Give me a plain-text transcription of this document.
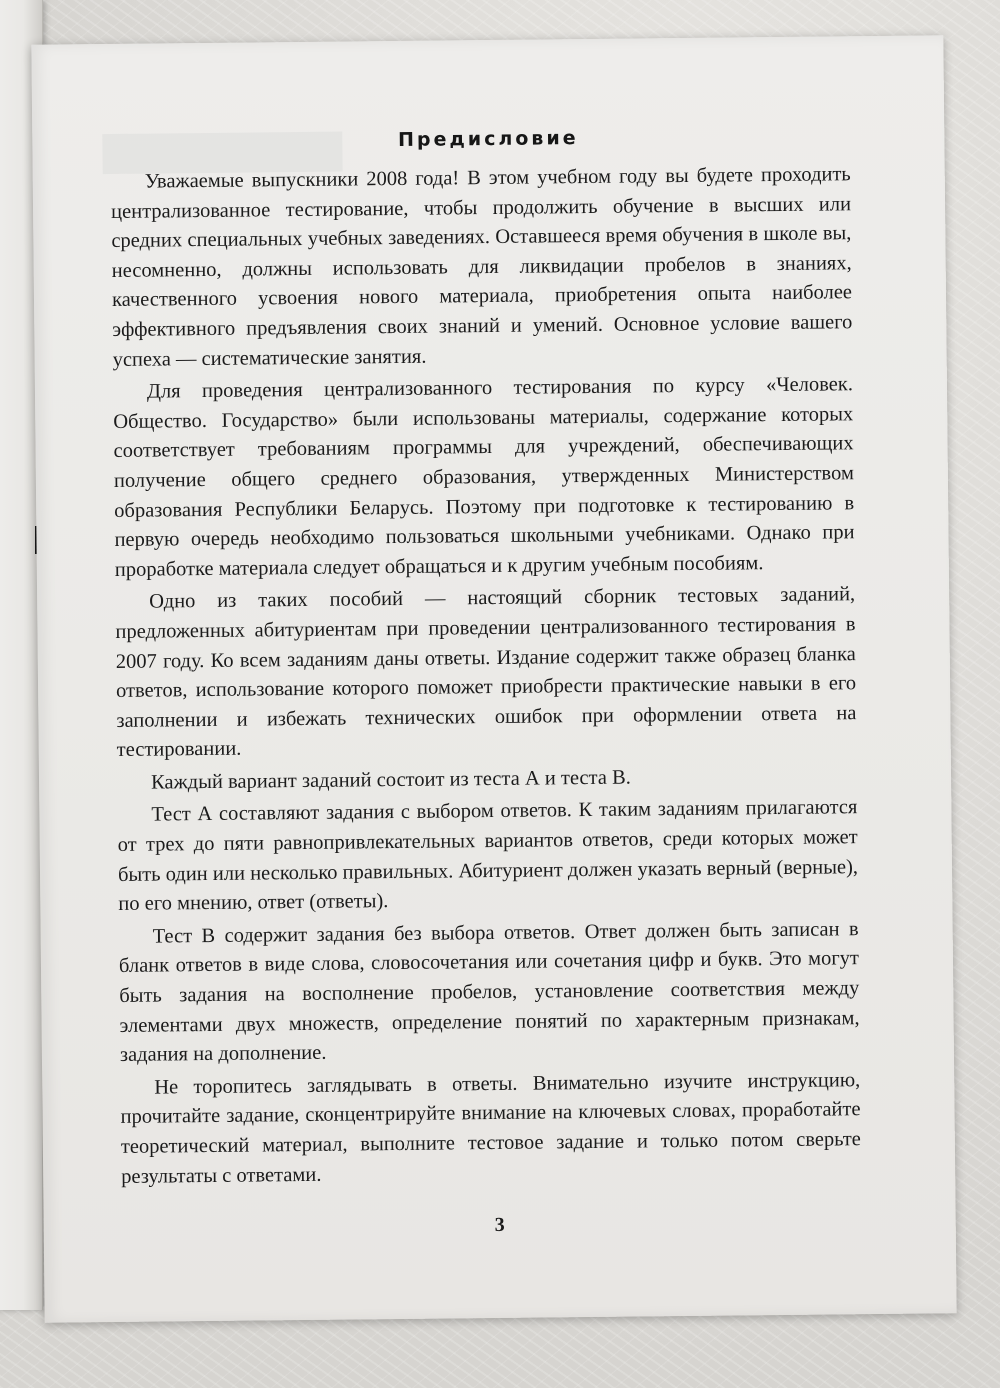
Предисловие

Уважаемые выпускники 2008 года! В этом учебном году вы будете проходить централизованное тестирование, чтобы продолжить обучение в высших или средних специальных учебных заведениях. Оставшееся время обучения в школе вы, несомненно, должны использовать для ликвидации пробелов в знаниях, качественного усвоения нового материала, приобретения опыта наиболее эффективного предъявления своих знаний и умений. Основное условие вашего успеха — систематические занятия.

Для проведения централизованного тестирования по курсу «Человек. Общество. Государство» были использованы материалы, содержание которых соответствует требованиям программы для учреждений, обеспечивающих получение общего среднего образования, утвержденных Министерством образования Республики Беларусь. Поэтому при подготовке к тестированию в первую очередь необходимо пользоваться школьными учебниками. Однако при проработке материала следует обращаться и к другим учебным пособиям.

Одно из таких пособий — настоящий сборник тестовых заданий, предложенных абитуриентам при проведении централизованного тестирования в 2007 году. Ко всем заданиям даны ответы. Издание содержит также образец бланка ответов, использование которого поможет приобрести практические навыки в его заполнении и избежать технических ошибок при оформлении ответа на тестировании.

Каждый вариант заданий состоит из теста А и теста В.

Тест А составляют задания с выбором ответов. К таким заданиям прилагаются от трех до пяти равнопривлекательных вариантов ответов, среди которых может быть один или несколько правильных. Абитуриент должен указать верный (верные), по его мнению, ответ (ответы).

Тест В содержит задания без выбора ответов. Ответ должен быть записан в бланк ответов в виде слова, словосочетания или сочетания цифр и букв. Это могут быть задания на восполнение пробелов, установление соответствия между элементами двух множеств, определение понятий по характерным признакам, задания на дополнение.

Не торопитесь заглядывать в ответы. Внимательно изучите инструкцию, прочитайте задание, сконцентрируйте внимание на ключевых словах, проработайте теоретический материал, выполните тестовое задание и только потом сверьте результаты с ответами.

3
